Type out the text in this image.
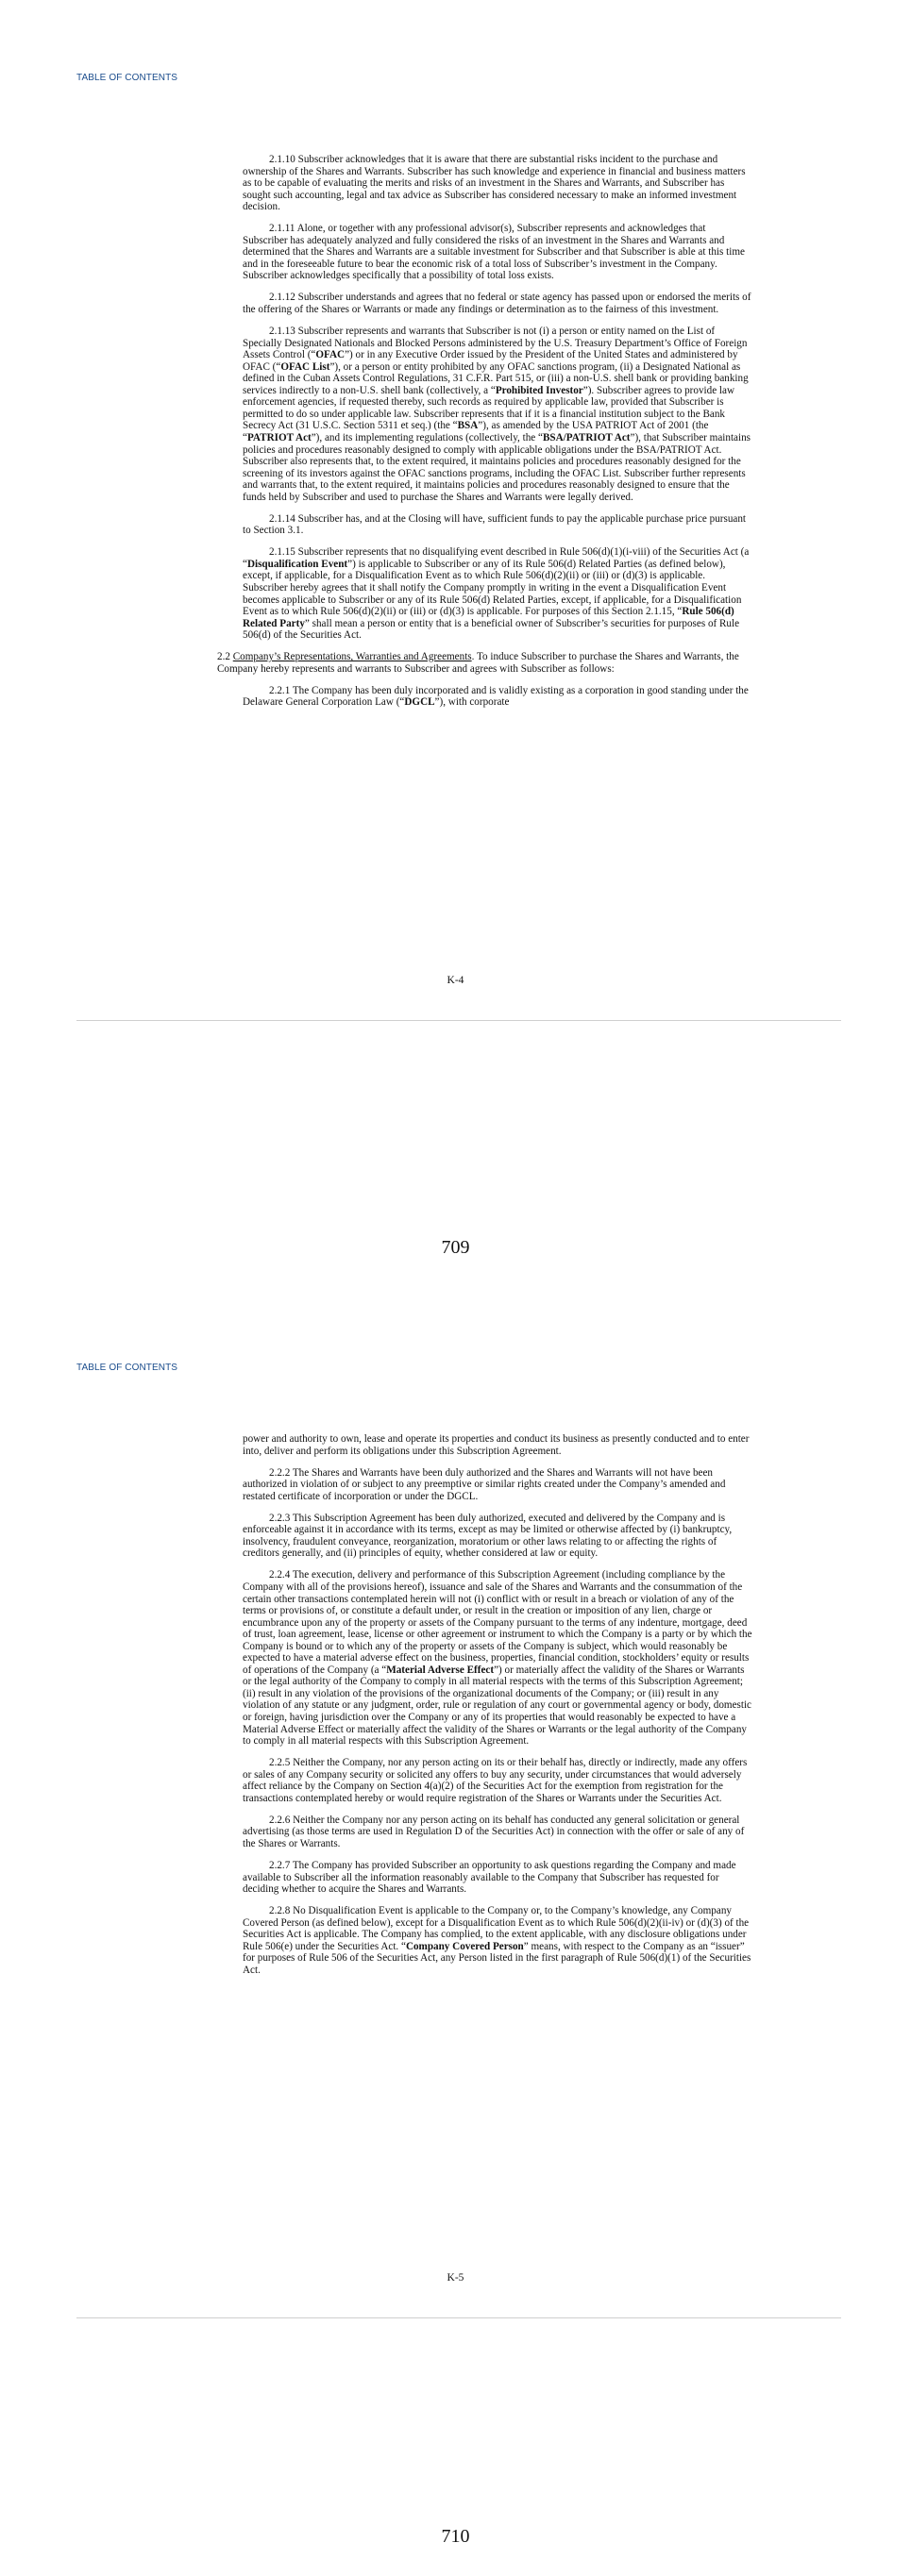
TABLE OF CONTENTS

2.1.10 Subscriber acknowledges that it is aware that there are substantial risks incident to the purchase and ownership of the Shares and Warrants. Subscriber has such knowledge and experience in financial and business matters as to be capable of evaluating the merits and risks of an investment in the Shares and Warrants, and Subscriber has sought such accounting, legal and tax advice as Subscriber has considered necessary to make an informed investment decision.

2.1.11 Alone, or together with any professional advisor(s), Subscriber represents and acknowledges that Subscriber has adequately analyzed and fully considered the risks of an investment in the Shares and Warrants and determined that the Shares and Warrants are a suitable investment for Subscriber and that Subscriber is able at this time and in the foreseeable future to bear the economic risk of a total loss of Subscriber’s investment in the Company. Subscriber acknowledges specifically that a possibility of total loss exists.

2.1.12 Subscriber understands and agrees that no federal or state agency has passed upon or endorsed the merits of the offering of the Shares or Warrants or made any findings or determination as to the fairness of this investment.

2.1.13 Subscriber represents and warrants that Subscriber is not (i) a person or entity named on the List of Specially Designated Nationals and Blocked Persons administered by the U.S. Treasury Department’s Office of Foreign Assets Control (“OFAC”) or in any Executive Order issued by the President of the United States and administered by OFAC (“OFAC List”), or a person or entity prohibited by any OFAC sanctions program, (ii) a Designated National as defined in the Cuban Assets Control Regulations, 31 C.F.R. Part 515, or (iii) a non-U.S. shell bank or providing banking services indirectly to a non-U.S. shell bank (collectively, a “Prohibited Investor”). Subscriber agrees to provide law enforcement agencies, if requested thereby, such records as required by applicable law, provided that Subscriber is permitted to do so under applicable law. Subscriber represents that if it is a financial institution subject to the Bank Secrecy Act (31 U.S.C. Section 5311 et seq.) (the “BSA”), as amended by the USA PATRIOT Act of 2001 (the “PATRIOT Act”), and its implementing regulations (collectively, the “BSA/PATRIOT Act”), that Subscriber maintains policies and procedures reasonably designed to comply with applicable obligations under the BSA/PATRIOT Act. Subscriber also represents that, to the extent required, it maintains policies and procedures reasonably designed for the screening of its investors against the OFAC sanctions programs, including the OFAC List. Subscriber further represents and warrants that, to the extent required, it maintains policies and procedures reasonably designed to ensure that the funds held by Subscriber and used to purchase the Shares and Warrants were legally derived.

2.1.14 Subscriber has, and at the Closing will have, sufficient funds to pay the applicable purchase price pursuant to Section 3.1.

2.1.15 Subscriber represents that no disqualifying event described in Rule 506(d)(1)(i-viii) of the Securities Act (a “Disqualification Event”) is applicable to Subscriber or any of its Rule 506(d) Related Parties (as defined below), except, if applicable, for a Disqualification Event as to which Rule 506(d)(2)(ii) or (iii) or (d)(3) is applicable. Subscriber hereby agrees that it shall notify the Company promptly in writing in the event a Disqualification Event becomes applicable to Subscriber or any of its Rule 506(d) Related Parties, except, if applicable, for a Disqualification Event as to which Rule 506(d)(2)(ii) or (iii) or (d)(3) is applicable. For purposes of this Section 2.1.15, “Rule 506(d) Related Party” shall mean a person or entity that is a beneficial owner of Subscriber’s securities for purposes of Rule 506(d) of the Securities Act.

2.2 Company’s Representations, Warranties and Agreements. To induce Subscriber to purchase the Shares and Warrants, the Company hereby represents and warrants to Subscriber and agrees with Subscriber as follows:

2.2.1 The Company has been duly incorporated and is validly existing as a corporation in good standing under the Delaware General Corporation Law (“DGCL”), with corporate

K-4
709
TABLE OF CONTENTS

power and authority to own, lease and operate its properties and conduct its business as presently conducted and to enter into, deliver and perform its obligations under this Subscription Agreement.

2.2.2 The Shares and Warrants have been duly authorized and the Shares and Warrants will not have been authorized in violation of or subject to any preemptive or similar rights created under the Company’s amended and restated certificate of incorporation or under the DGCL.

2.2.3 This Subscription Agreement has been duly authorized, executed and delivered by the Company and is enforceable against it in accordance with its terms, except as may be limited or otherwise affected by (i) bankruptcy, insolvency, fraudulent conveyance, reorganization, moratorium or other laws relating to or affecting the rights of creditors generally, and (ii) principles of equity, whether considered at law or equity.

2.2.4 The execution, delivery and performance of this Subscription Agreement (including compliance by the Company with all of the provisions hereof), issuance and sale of the Shares and Warrants and the consummation of the certain other transactions contemplated herein will not (i) conflict with or result in a breach or violation of any of the terms or provisions of, or constitute a default under, or result in the creation or imposition of any lien, charge or encumbrance upon any of the property or assets of the Company pursuant to the terms of any indenture, mortgage, deed of trust, loan agreement, lease, license or other agreement or instrument to which the Company is a party or by which the Company is bound or to which any of the property or assets of the Company is subject, which would reasonably be expected to have a material adverse effect on the business, properties, financial condition, stockholders’ equity or results of operations of the Company (a “Material Adverse Effect”) or materially affect the validity of the Shares or Warrants or the legal authority of the Company to comply in all material respects with the terms of this Subscription Agreement; (ii) result in any violation of the provisions of the organizational documents of the Company; or (iii) result in any violation of any statute or any judgment, order, rule or regulation of any court or governmental agency or body, domestic or foreign, having jurisdiction over the Company or any of its properties that would reasonably be expected to have a Material Adverse Effect or materially affect the validity of the Shares or Warrants or the legal authority of the Company to comply in all material respects with this Subscription Agreement.

2.2.5 Neither the Company, nor any person acting on its or their behalf has, directly or indirectly, made any offers or sales of any Company security or solicited any offers to buy any security, under circumstances that would adversely affect reliance by the Company on Section 4(a)(2) of the Securities Act for the exemption from registration for the transactions contemplated hereby or would require registration of the Shares or Warrants under the Securities Act.

2.2.6 Neither the Company nor any person acting on its behalf has conducted any general solicitation or general advertising (as those terms are used in Regulation D of the Securities Act) in connection with the offer or sale of any of the Shares or Warrants.

2.2.7 The Company has provided Subscriber an opportunity to ask questions regarding the Company and made available to Subscriber all the information reasonably available to the Company that Subscriber has requested for deciding whether to acquire the Shares and Warrants.

2.2.8 No Disqualification Event is applicable to the Company or, to the Company’s knowledge, any Company Covered Person (as defined below), except for a Disqualification Event as to which Rule 506(d)(2)(ii-iv) or (d)(3) of the Securities Act is applicable. The Company has complied, to the extent applicable, with any disclosure obligations under Rule 506(e) under the Securities Act. “Company Covered Person” means, with respect to the Company as an “issuer” for purposes of Rule 506 of the Securities Act, any Person listed in the first paragraph of Rule 506(d)(1) of the Securities Act.

K-5
710
